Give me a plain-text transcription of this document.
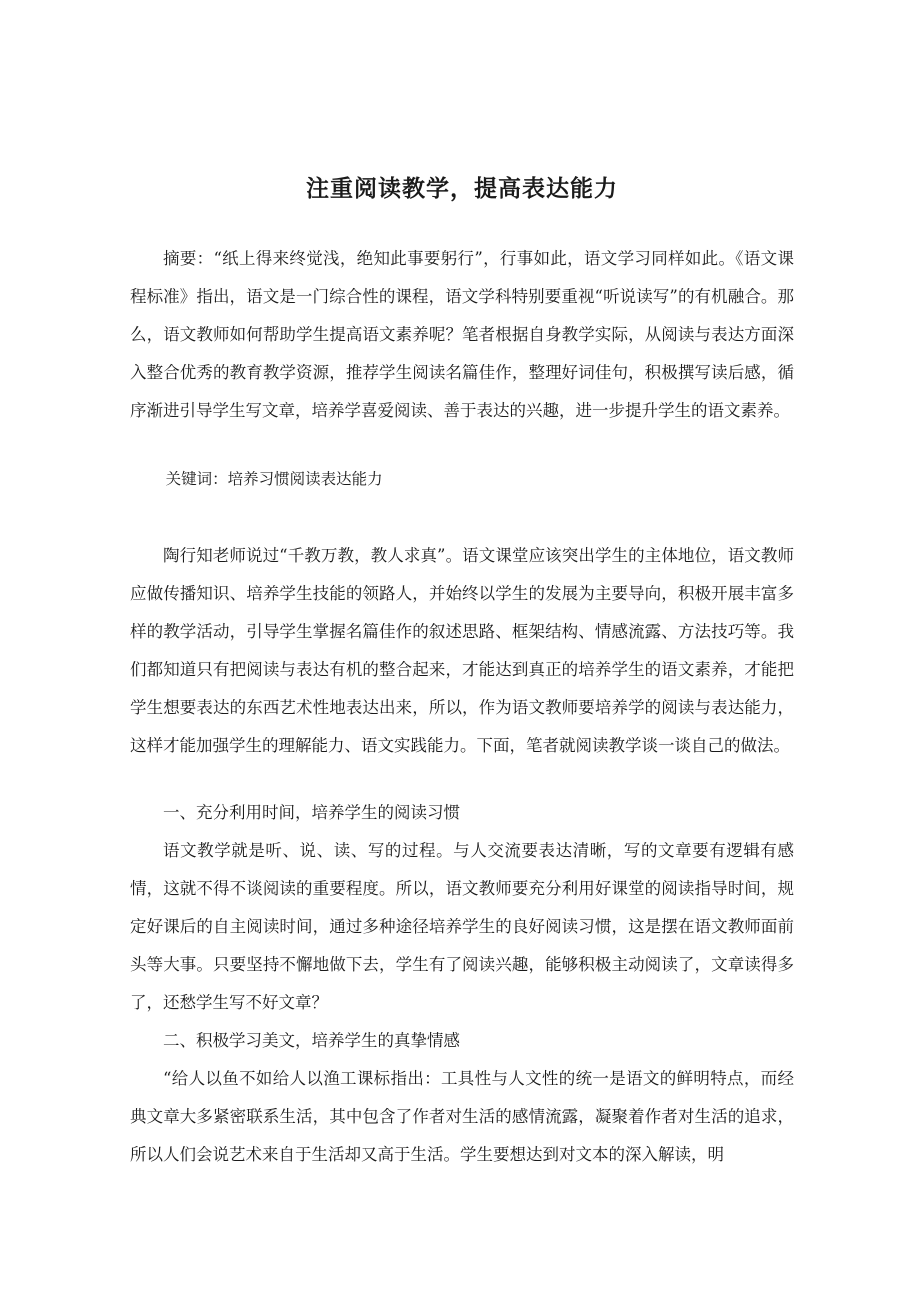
注重阅读教学，提高表达能力

摘要：“纸上得来终觉浅，绝知此事要躬行”，行事如此，语文学习同样如此。《语文课程标准》指出，语文是一门综合性的课程，语文学科特别要重视“听说读写”的有机融合。那么，语文教师如何帮助学生提高语文素养呢？笔者根据自身教学实际，从阅读与表达方面深入整合优秀的教育教学资源，推荐学生阅读名篇佳作，整理好词佳句，积极撰写读后感，循序渐进引导学生写文章，培养学喜爱阅读、善于表达的兴趣，进一步提升学生的语文素养。

关键词：培养习惯阅读表达能力

陶行知老师说过“千教万教，教人求真”。语文课堂应该突出学生的主体地位，语文教师应做传播知识、培养学生技能的领路人，并始终以学生的发展为主要导向，积极开展丰富多样的教学活动，引导学生掌握名篇佳作的叙述思路、框架结构、情感流露、方法技巧等。我们都知道只有把阅读与表达有机的整合起来，才能达到真正的培养学生的语文素养，才能把学生想要表达的东西艺术性地表达出来，所以，作为语文教师要培养学的阅读与表达能力，这样才能加强学生的理解能力、语文实践能力。下面，笔者就阅读教学谈一谈自己的做法。

一、充分利用时间，培养学生的阅读习惯

语文教学就是听、说、读、写的过程。与人交流要表达清晰，写的文章要有逻辑有感情，这就不得不谈阅读的重要程度。所以，语文教师要充分利用好课堂的阅读指导时间，规定好课后的自主阅读时间，通过多种途径培养学生的良好阅读习惯，这是摆在语文教师面前头等大事。只要坚持不懈地做下去，学生有了阅读兴趣，能够积极主动阅读了，文章读得多了，还愁学生写不好文章？

二、积极学习美文，培养学生的真挚情感

“给人以鱼不如给人以渔工课标指出：工具性与人文性的统一是语文的鲜明特点，而经典文章大多紧密联系生活，其中包含了作者对生活的感情流露，凝聚着作者对生活的追求，所以人们会说艺术来自于生活却又高于生活。学生要想达到对文本的深入解读，明
